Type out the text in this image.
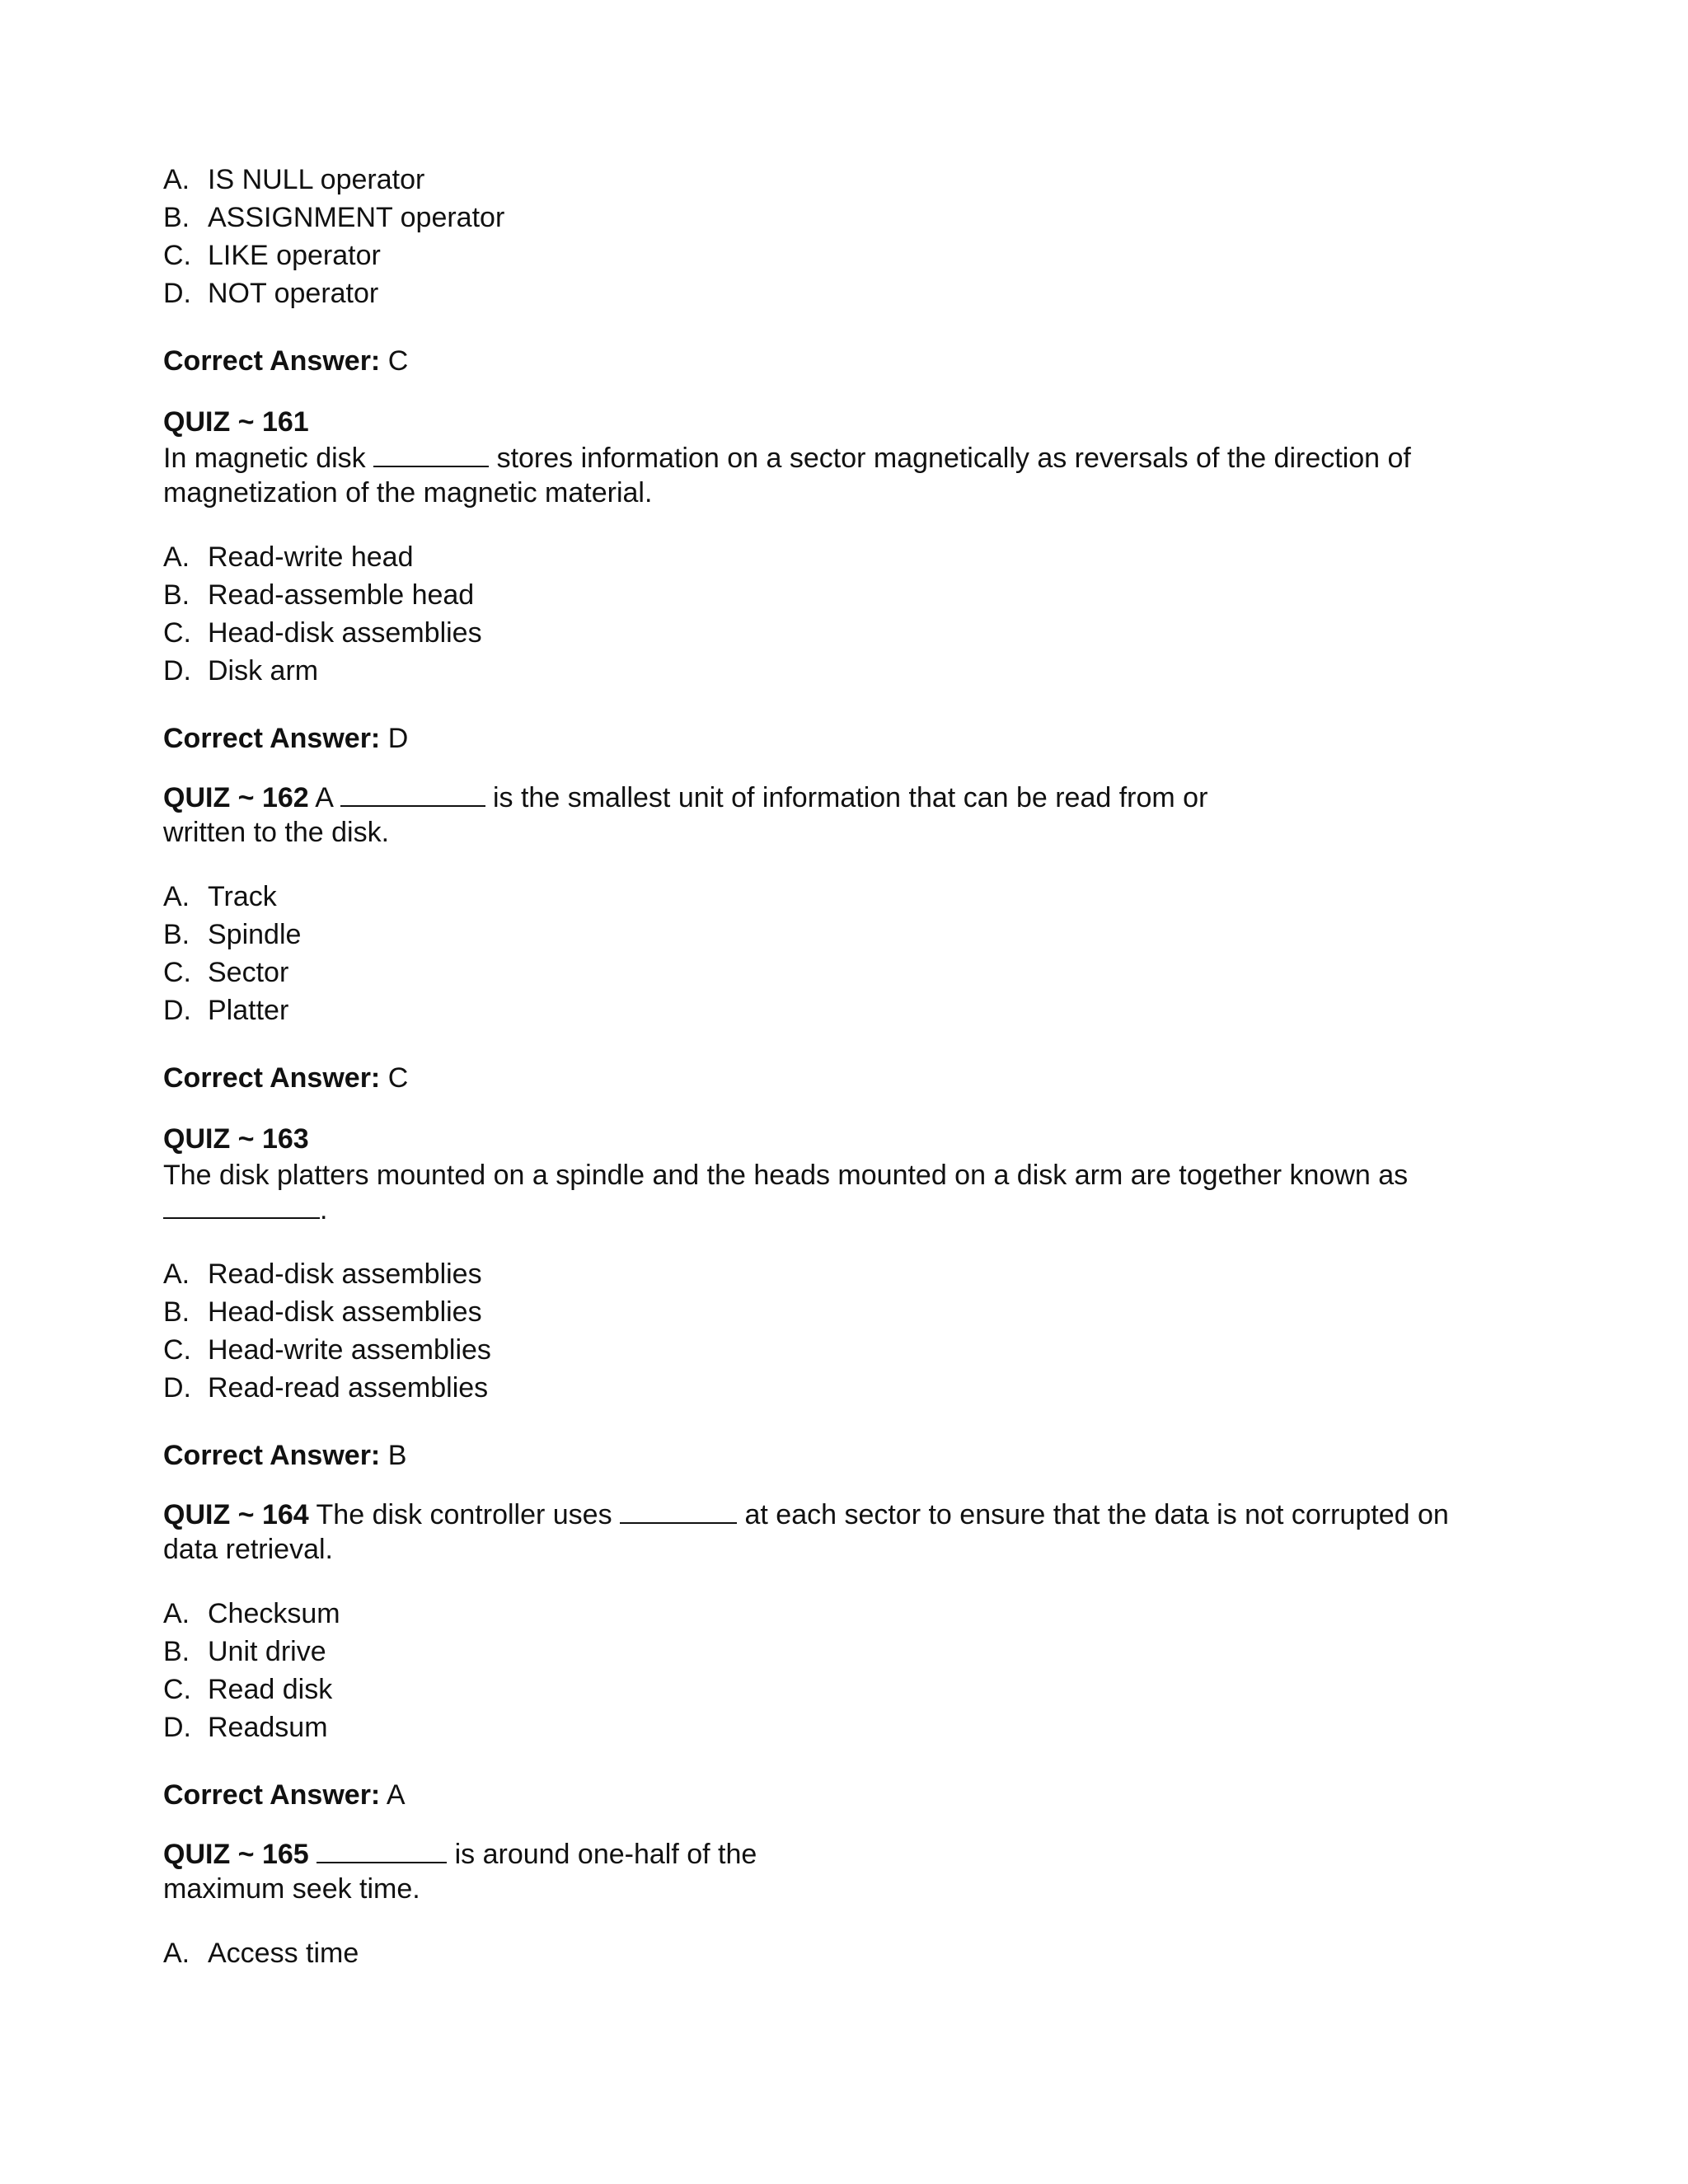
A. IS NULL operator
B. ASSIGNMENT operator
C. LIKE operator
D. NOT operator
Correct Answer: C
QUIZ ~ 161
In magnetic disk	stores information on a sector magnetically as reversals of the direction of
magnetization of the magnetic material.
A. Read-write head
B. Read-assemble head
C. Head-disk assemblies
D. Disk arm
Correct Answer: D
QUIZ ~ 162 A	is the smallest unit of information that can be read from or
written to the disk.
A. Track
B. Spindle
C. Sector
D. Platter
Correct Answer: C
QUIZ ~ 163
The disk platters mounted on a spindle and the heads mounted on a disk arm are together known as
.
A. Read-disk assemblies
B. Head-disk assemblies
C. Head-write assemblies
D. Read-read assemblies
Correct Answer: B
QUIZ ~ 164 The disk controller uses	at each sector to ensure that the data is not corrupted on
data retrieval.
A. Checksum
B. Unit drive
C. Read disk
D. Readsum
Correct Answer: A
QUIZ ~ 165	is around one-half of the
maximum seek time.
A. Access time
